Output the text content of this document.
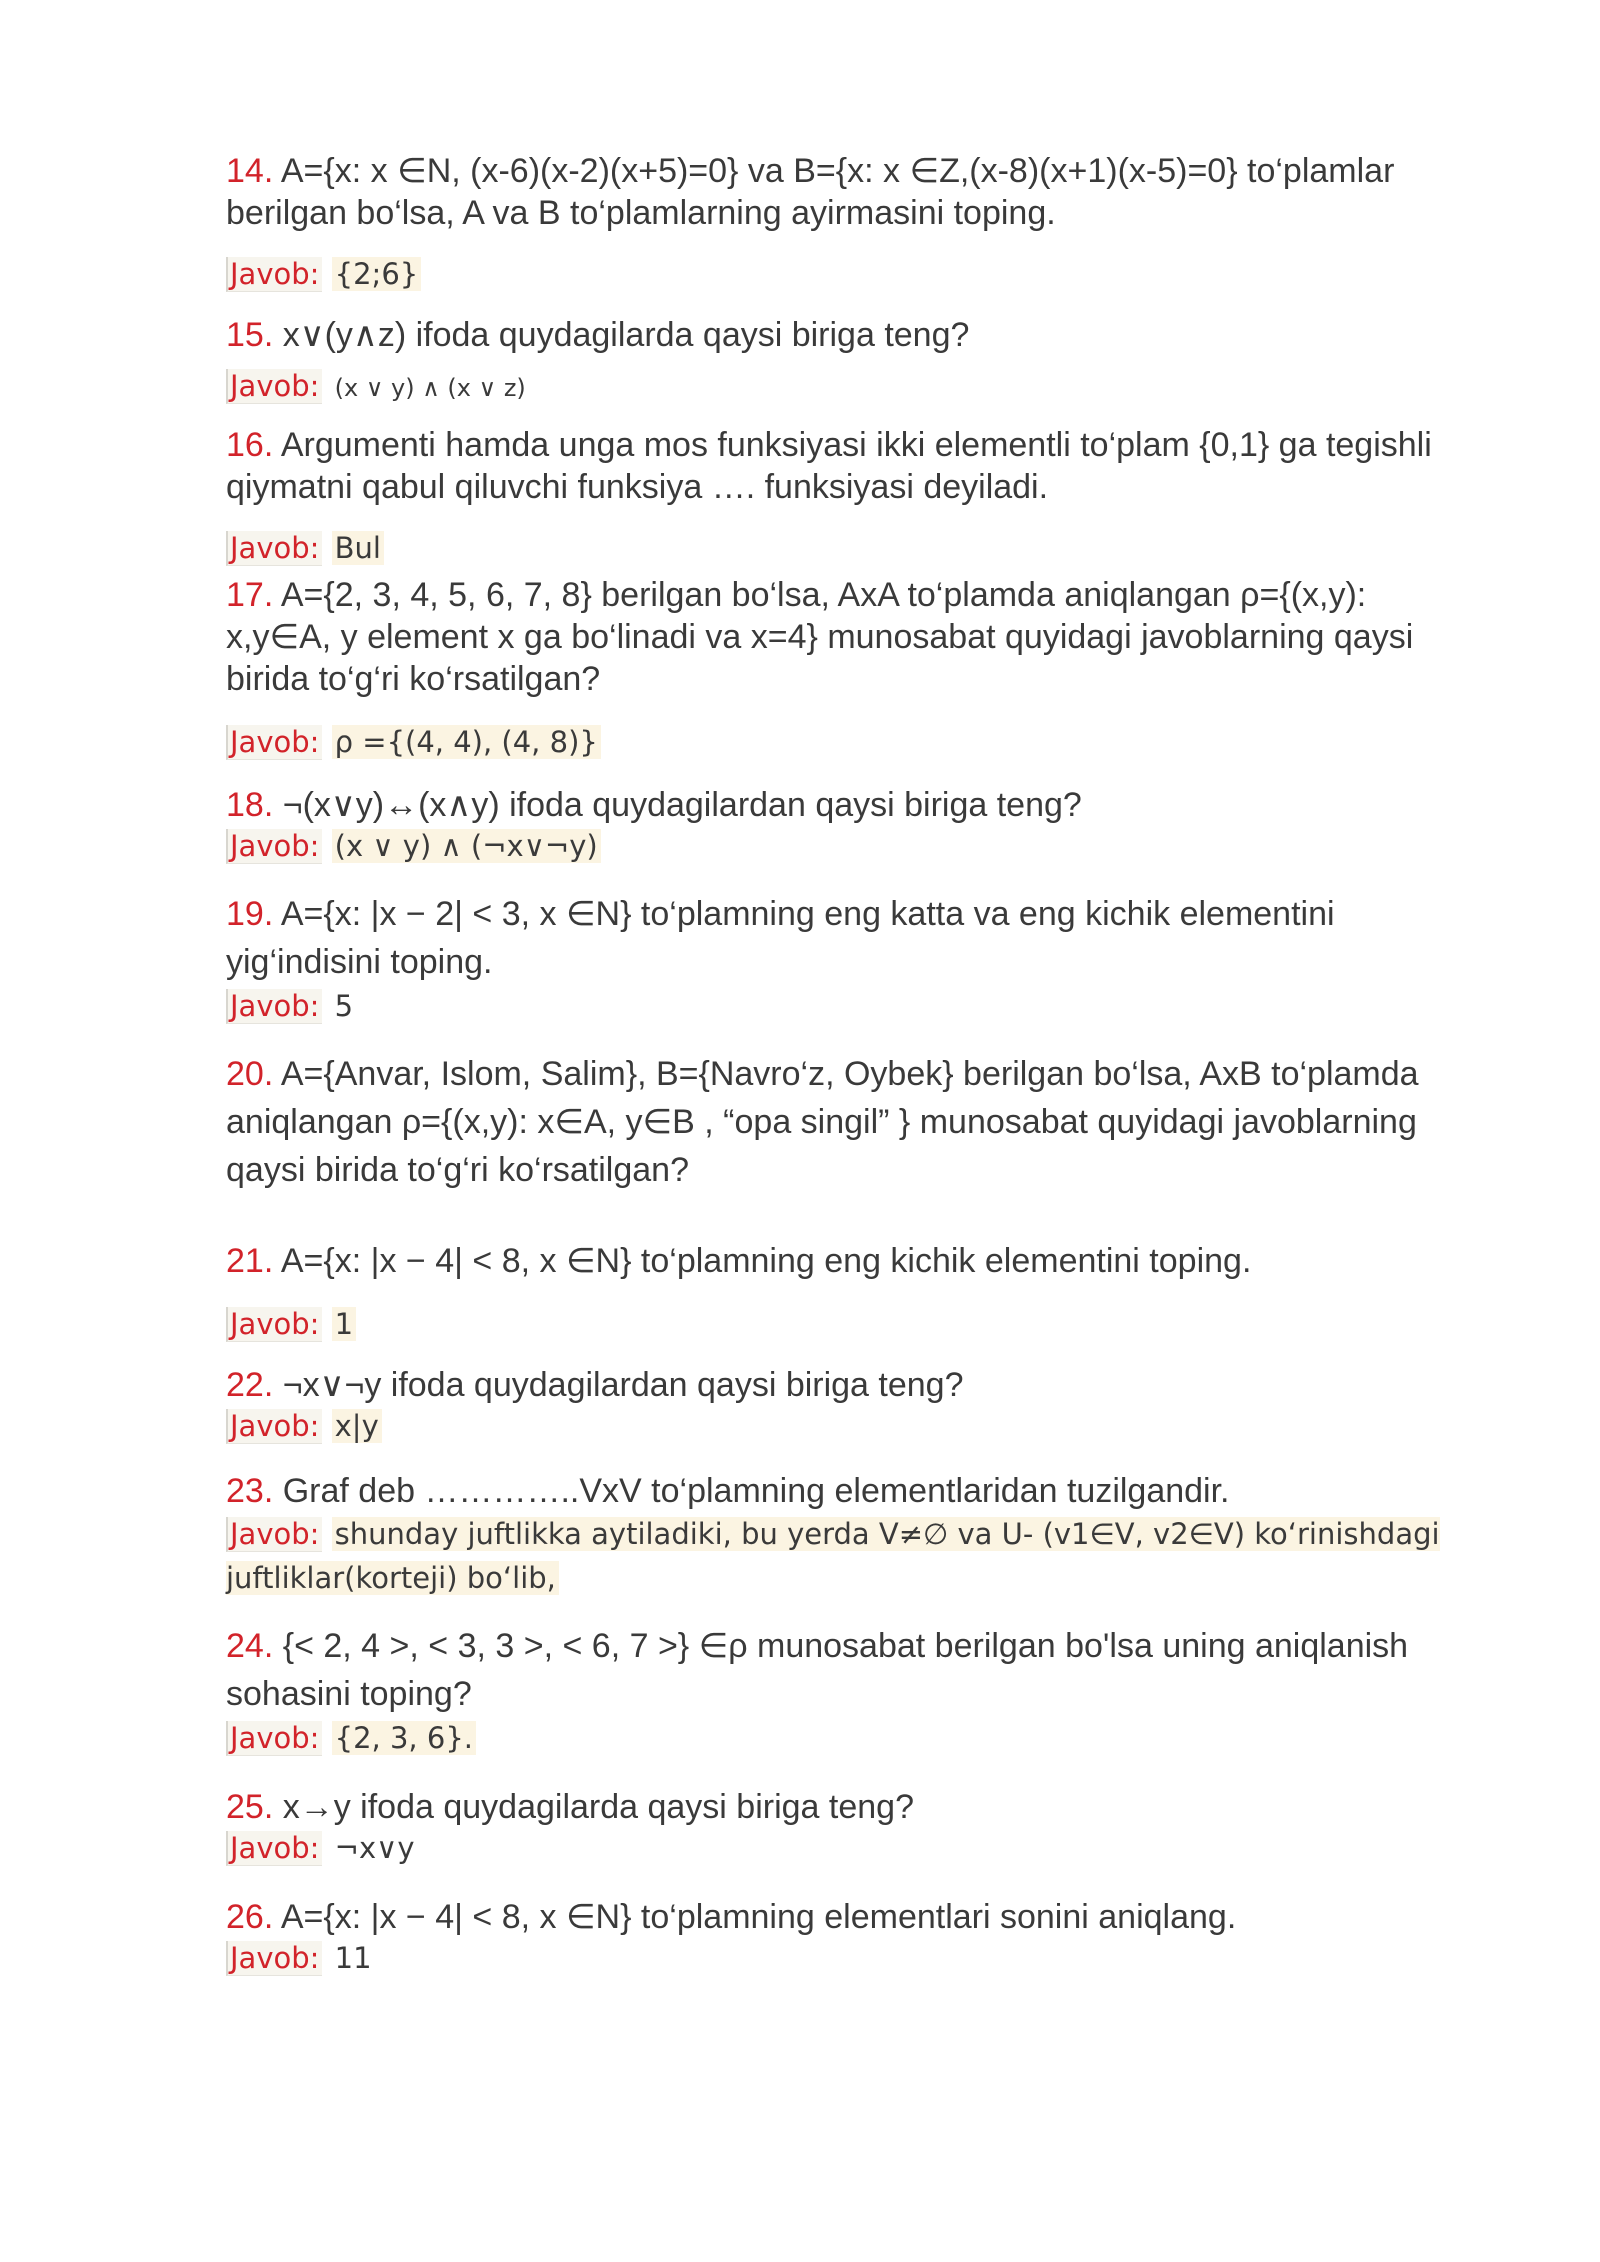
14. A={x: x ∈N, (x-6)(x-2)(x+5)=0} va B={x: x ∈Z,(x-8)(x+1)(x-5)=0} to‘plamlar berilgan bo‘lsa, A va B to‘plamlarning ayirmasini toping.

Javob: {2;6}

15. x∨(y∧z) ifoda quydagilarda qaysi biriga teng?

Javob: (x ∨ y) ∧ (x ∨ z)

16. Argumenti hamda unga mos funksiyasi ikki elementli to‘plam {0,1} ga tegishli qiymatni qabul qiluvchi funksiya …. funksiyasi deyiladi.

Javob: Bul

17. A={2, 3, 4, 5, 6, 7, 8} berilgan bo‘lsa, AxA to‘plamda aniqlangan ρ={(x,y): x,y∈A, y element x ga bo‘linadi va x=4} munosabat quyidagi javoblarning qaysi birida to‘g‘ri ko‘rsatilgan?

Javob: ρ ={(4, 4), (4, 8)}

18. ¬(x∨y)↔(x∧y) ifoda quydagilardan qaysi biriga teng?

Javob: (x ∨ y) ∧ (¬x∨¬y)

19. A={x: |x − 2| < 3, x ∈N} to‘plamning eng katta va eng kichik elementini yig‘indisini toping.

Javob: 5

20. A={Anvar, Islom, Salim}, B={Navro‘z, Oybek} berilgan bo‘lsa, AxB to‘plamda aniqlangan ρ={(x,y): x∈A, y∈B , “opa singil” } munosabat quyidagi javoblarning qaysi birida to‘g‘ri ko‘rsatilgan?

21. A={x: |x − 4| < 8, x ∈N} to‘plamning eng kichik elementini toping.

Javob: 1

22. ¬x∨¬y ifoda quydagilardan qaysi biriga teng?

Javob: x|y

23. Graf deb …………..VxV to‘plamning elementlaridan tuzilgandir.

Javob: shunday juftlikka aytiladiki, bu yerda V≠∅ va U- (v1∈V, v2∈V) ko‘rinishdagi juftliklar(korteji) bo‘lib,

24. {< 2, 4 >, < 3, 3 >, < 6, 7 >} ∈ρ munosabat berilgan bo'lsa uning aniqlanish sohasini toping?

Javob: {2, 3, 6}.

25. x→y ifoda quydagilarda qaysi biriga teng?

Javob: ¬x∨y

26. A={x: |x − 4| < 8, x ∈N} to‘plamning elementlari sonini aniqlang.

Javob: 11
